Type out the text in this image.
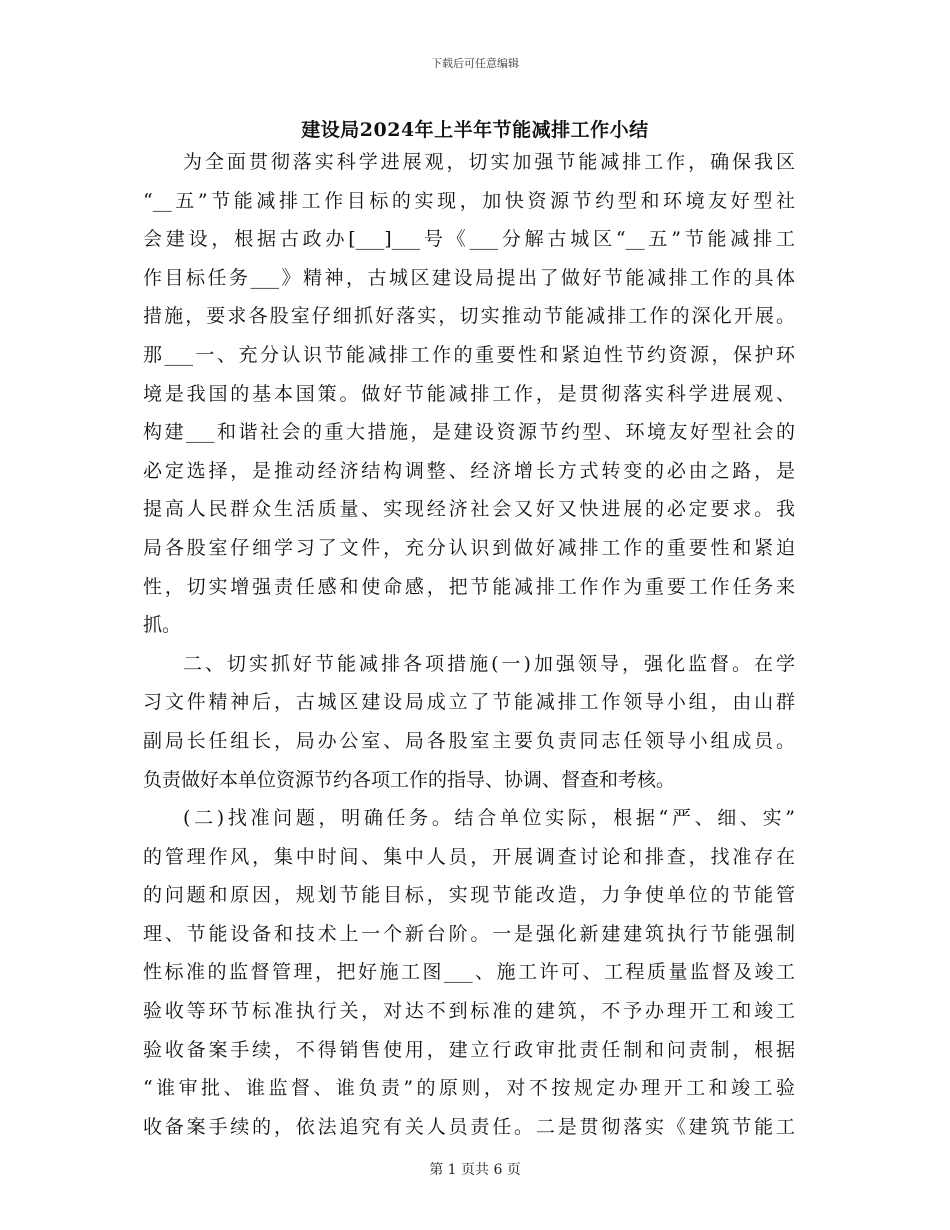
下载后可任意编辑
建设局2024年上半年节能减排工作小结
为全面贯彻落实科学进展观，切实加强节能减排工作，确保我区
“__五”节能减排工作目标的实现，加快资源节约型和环境友好型社
会建设，根据古政办[___]___号《___分解古城区“__五”节能减排工
作目标任务___》精神，古城区建设局提出了做好节能减排工作的具体
措施，要求各股室仔细抓好落实，切实推动节能减排工作的深化开展。
那___一、充分认识节能减排工作的重要性和紧迫性节约资源，保护环
境是我国的基本国策。做好节能减排工作，是贯彻落实科学进展观、
构建___和谐社会的重大措施，是建设资源节约型、环境友好型社会的
必定选择，是推动经济结构调整、经济增长方式转变的必由之路，是
提高人民群众生活质量、实现经济社会又好又快进展的必定要求。我
局各股室仔细学习了文件，充分认识到做好减排工作的重要性和紧迫
性，切实增强责任感和使命感，把节能减排工作作为重要工作任务来
抓。
二、切实抓好节能减排各项措施(一)加强领导，强化监督。在学
习文件精神后，古城区建设局成立了节能减排工作领导小组，由山群
副局长任组长，局办公室、局各股室主要负责同志任领导小组成员。
负责做好本单位资源节约各项工作的指导、协调、督查和考核。
(二)找准问题，明确任务。结合单位实际，根据“严、细、实”
的管理作风，集中时间、集中人员，开展调查讨论和排查，找准存在
的问题和原因，规划节能目标，实现节能改造，力争使单位的节能管
理、节能设备和技术上一个新台阶。一是强化新建建筑执行节能强制
性标准的监督管理，把好施工图___、施工许可、工程质量监督及竣工
验收等环节标准执行关，对达不到标准的建筑，不予办理开工和竣工
验收备案手续，不得销售使用，建立行政审批责任制和问责制，根据
“谁审批、谁监督、谁负责”的原则，对不按规定办理开工和竣工验
收备案手续的，依法追究有关人员责任。二是贯彻落实《建筑节能工
第 1 页共 6 页
